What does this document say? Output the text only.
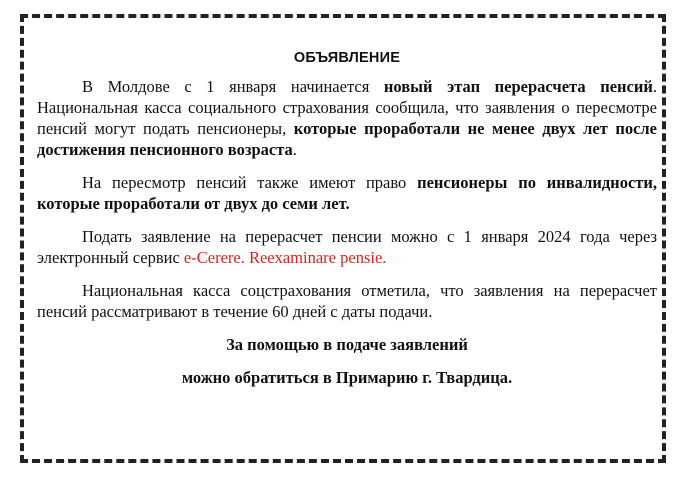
ОБЪЯВЛЕНИЕ

В Молдове с 1 января начинается новый этап перерасчета пенсий. Национальная касса социального страхования сообщила, что заявления о пересмотре пенсий могут подать пенсионеры, которые проработали не менее двух лет после достижения пенсионного возраста.

На пересмотр пенсий также имеют право пенсионеры по инвалидности, которые проработали от двух до семи лет.

Подать заявление на перерасчет пенсии можно с 1 января 2024 года через электронный сервис e-Cerere. Reexaminare pensie.

Национальная касса соцстрахования отметила, что заявления на перерасчет пенсий рассматривают в течение 60 дней с даты подачи.

За помощью в подаче заявлений
можно обратиться в Примарию г. Твардица.
